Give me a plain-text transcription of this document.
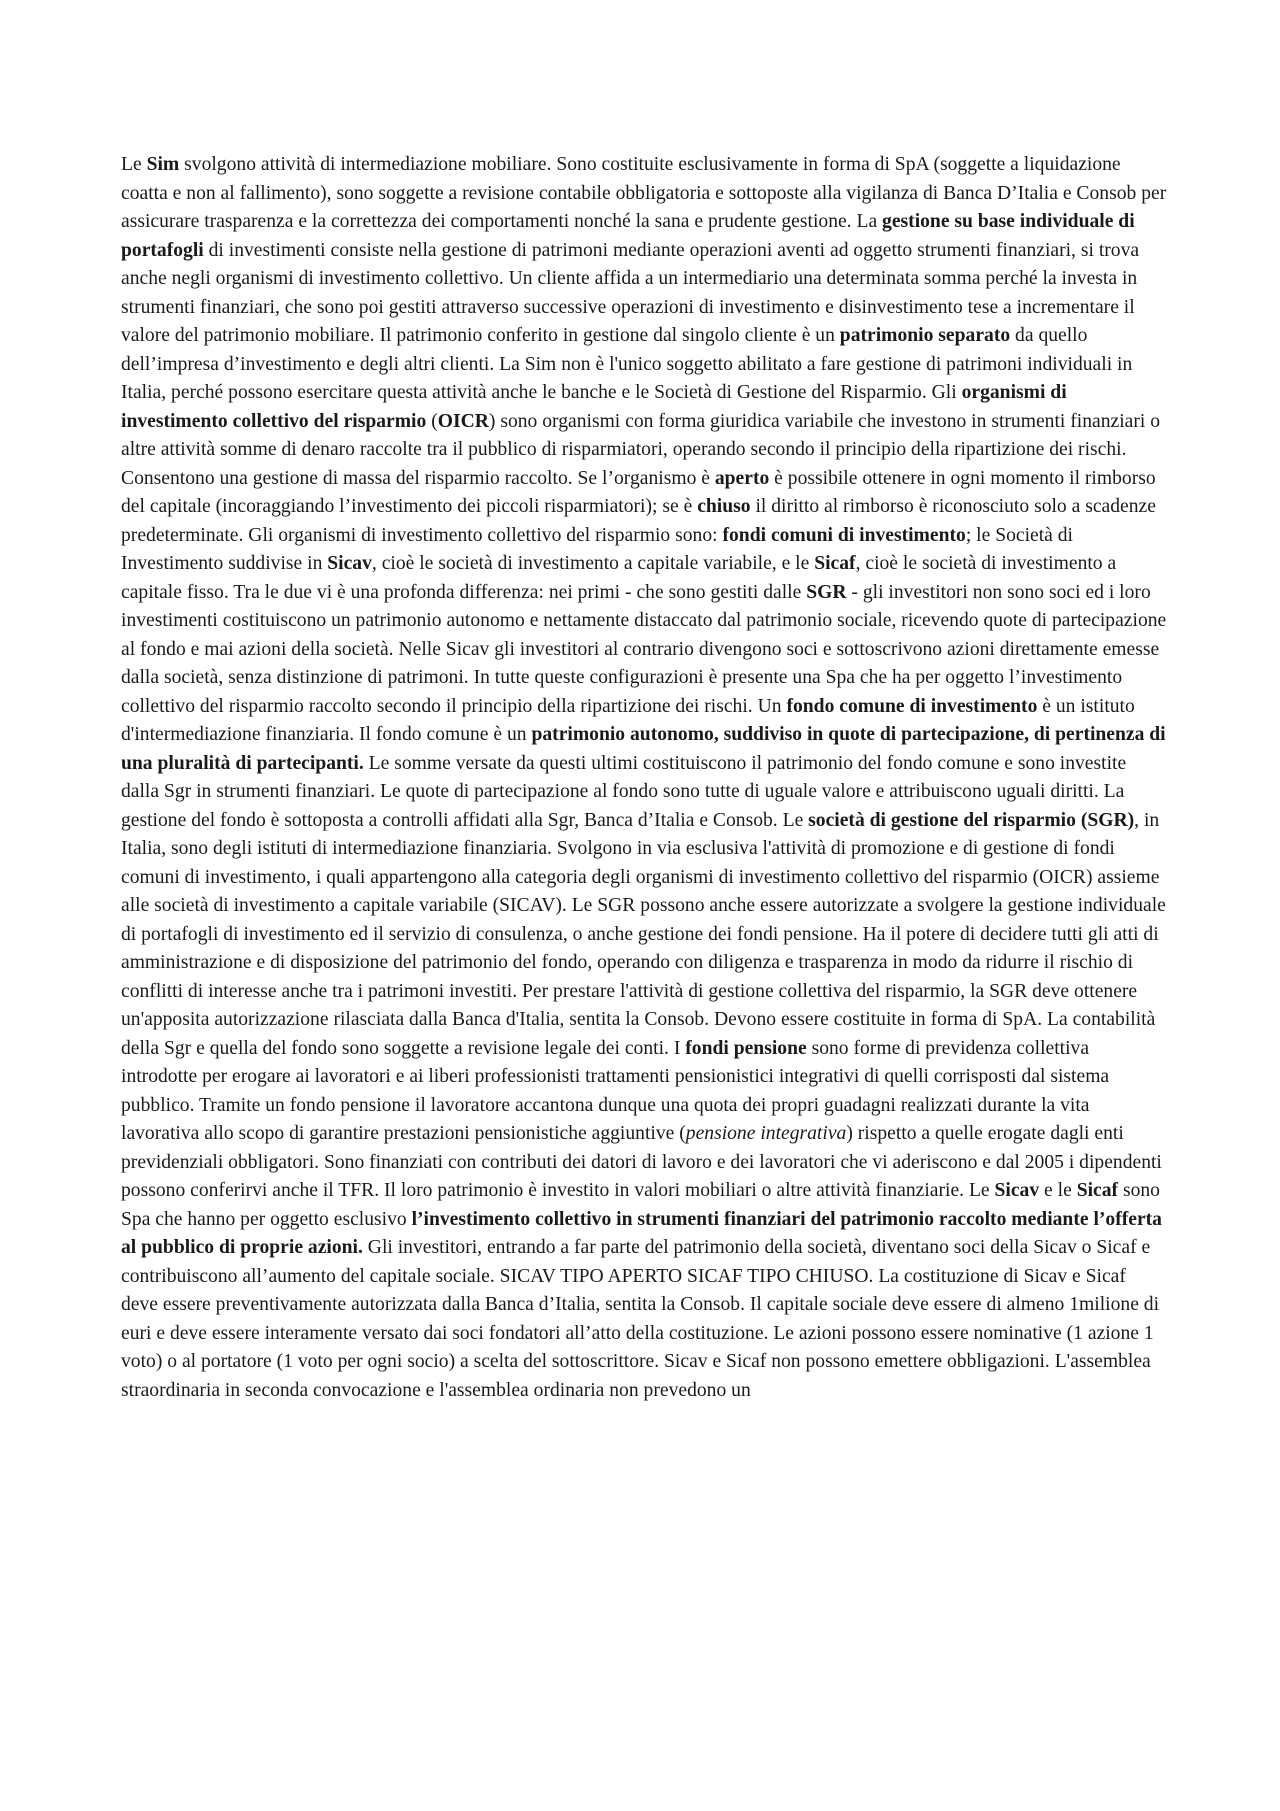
Le Sim svolgono attività di intermediazione mobiliare. Sono costituite esclusivamente in forma di SpA (soggette a liquidazione coatta e non al fallimento), sono soggette a revisione contabile obbligatoria e sottoposte alla vigilanza di Banca D’Italia e Consob per assicurare trasparenza e la correttezza dei comportamenti nonché la sana e prudente gestione. La gestione su base individuale di portafogli di investimenti consiste nella gestione di patrimoni mediante operazioni aventi ad oggetto strumenti finanziari, si trova anche negli organismi di investimento collettivo. Un cliente affida a un intermediario una determinata somma perché la investa in strumenti finanziari, che sono poi gestiti attraverso successive operazioni di investimento e disinvestimento tese a incrementare il valore del patrimonio mobiliare. Il patrimonio conferito in gestione dal singolo cliente è un patrimonio separato da quello dell’impresa d’investimento e degli altri clienti. La Sim non è l'unico soggetto abilitato a fare gestione di patrimoni individuali in Italia, perché possono esercitare questa attività anche le banche e le Società di Gestione del Risparmio. Gli organismi di investimento collettivo del risparmio (OICR) sono organismi con forma giuridica variabile che investono in strumenti finanziari o altre attività somme di denaro raccolte tra il pubblico di risparmiatori, operando secondo il principio della ripartizione dei rischi. Consentono una gestione di massa del risparmio raccolto. Se l’organismo è aperto è possibile ottenere in ogni momento il rimborso del capitale (incoraggiando l’investimento dei piccoli risparmiatori); se è chiuso il diritto al rimborso è riconosciuto solo a scadenze predeterminate. Gli organismi di investimento collettivo del risparmio sono: fondi comuni di investimento; le Società di Investimento suddivise in Sicav, cioè le società di investimento a capitale variabile, e le Sicaf, cioè le società di investimento a capitale fisso. Tra le due vi è una profonda differenza: nei primi - che sono gestiti dalle SGR - gli investitori non sono soci ed i loro investimenti costituiscono un patrimonio autonomo e nettamente distaccato dal patrimonio sociale, ricevendo quote di partecipazione al fondo e mai azioni della società. Nelle Sicav gli investitori al contrario divengono soci e sottoscrivono azioni direttamente emesse dalla società, senza distinzione di patrimoni. In tutte queste configurazioni è presente una Spa che ha per oggetto l’investimento collettivo del risparmio raccolto secondo il principio della ripartizione dei rischi. Un fondo comune di investimento è un istituto d'intermediazione finanziaria. Il fondo comune è un patrimonio autonomo, suddiviso in quote di partecipazione, di pertinenza di una pluralità di partecipanti. Le somme versate da questi ultimi costituiscono il patrimonio del fondo comune e sono investite dalla Sgr in strumenti finanziari. Le quote di partecipazione al fondo sono tutte di uguale valore e attribuiscono uguali diritti. La gestione del fondo è sottoposta a controlli affidati alla Sgr, Banca d’Italia e Consob. Le società di gestione del risparmio (SGR), in Italia, sono degli istituti di intermediazione finanziaria. Svolgono in via esclusiva l'attività di promozione e di gestione di fondi comuni di investimento, i quali appartengono alla categoria degli organismi di investimento collettivo del risparmio (OICR) assieme alle società di investimento a capitale variabile (SICAV). Le SGR possono anche essere autorizzate a svolgere la gestione individuale di portafogli di investimento ed il servizio di consulenza, o anche gestione dei fondi pensione. Ha il potere di decidere tutti gli atti di amministrazione e di disposizione del patrimonio del fondo, operando con diligenza e trasparenza in modo da ridurre il rischio di conflitti di interesse anche tra i patrimoni investiti. Per prestare l'attività di gestione collettiva del risparmio, la SGR deve ottenere un'apposita autorizzazione rilasciata dalla Banca d'Italia, sentita la Consob. Devono essere costituite in forma di SpA. La contabilità della Sgr e quella del fondo sono soggette a revisione legale dei conti. I fondi pensione sono forme di previdenza collettiva introdotte per erogare ai lavoratori e ai liberi professionisti trattamenti pensionistici integrativi di quelli corrisposti dal sistema pubblico. Tramite un fondo pensione il lavoratore accantona dunque una quota dei propri guadagni realizzati durante la vita lavorativa allo scopo di garantire prestazioni pensionistiche aggiuntive (pensione integrativa) rispetto a quelle erogate dagli enti previdenziali obbligatori. Sono finanziati con contributi dei datori di lavoro e dei lavoratori che vi aderiscono e dal 2005 i dipendenti possono conferirvi anche il TFR. Il loro patrimonio è investito in valori mobiliari o altre attività finanziarie. Le Sicav e le Sicaf sono Spa che hanno per oggetto esclusivo l’investimento collettivo in strumenti finanziari del patrimonio raccolto mediante l’offerta al pubblico di proprie azioni. Gli investitori, entrando a far parte del patrimonio della società, diventano soci della Sicav o Sicaf e contribuiscono all’aumento del capitale sociale. SICAV TIPO APERTO SICAF TIPO CHIUSO. La costituzione di Sicav e Sicaf deve essere preventivamente autorizzata dalla Banca d’Italia, sentita la Consob. Il capitale sociale deve essere di almeno 1milione di euri e deve essere interamente versato dai soci fondatori all’atto della costituzione. Le azioni possono essere nominative (1 azione 1 voto) o al portatore (1 voto per ogni socio) a scelta del sottoscrittore. Sicav e Sicaf non possono emettere obbligazioni. L'assemblea straordinaria in seconda convocazione e l'assemblea ordinaria non prevedono un
